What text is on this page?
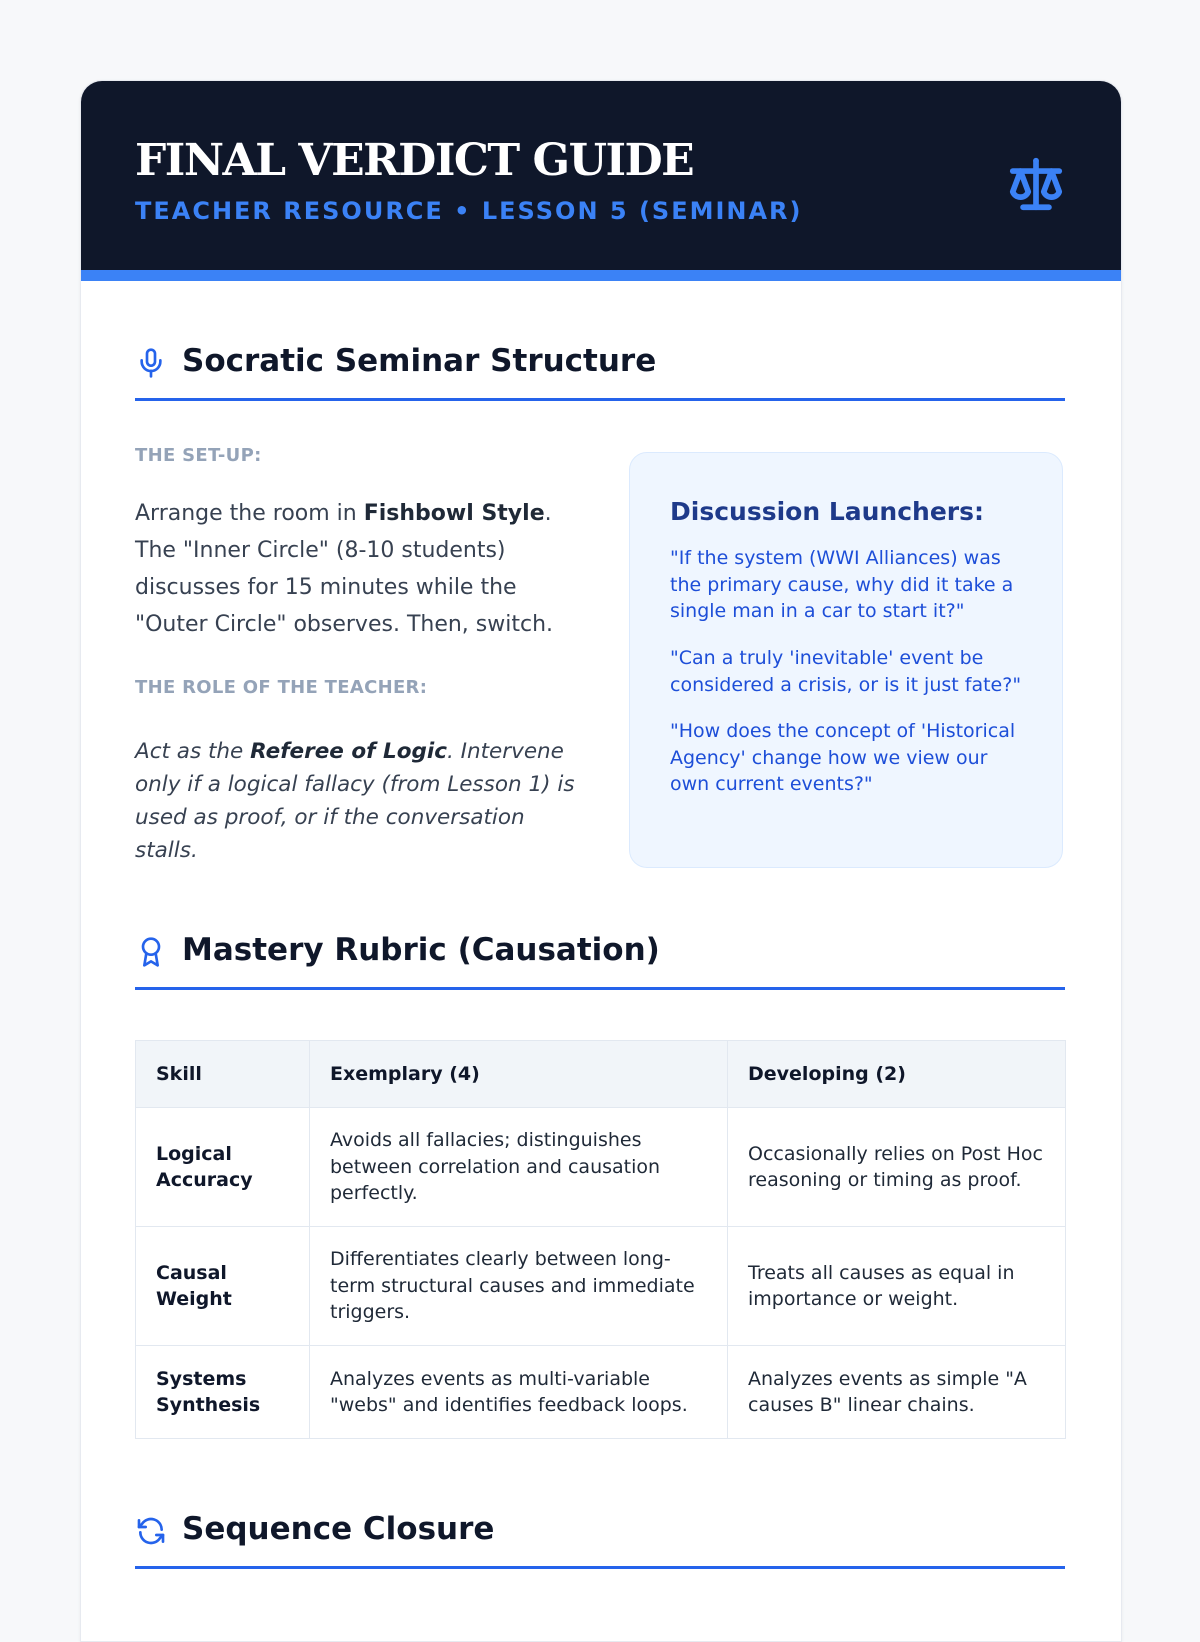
FINAL VERDICT GUIDE
TEACHER RESOURCE • LESSON 5 (SEMINAR)
Socratic Seminar Structure
THE SET-UP:
Arrange the room in Fishbowl Style. The "Inner Circle" (8-10 students) discusses for 15 minutes while the "Outer Circle" observes. Then, switch.
THE ROLE OF THE TEACHER:
Act as the Referee of Logic. Intervene only if a logical fallacy (from Lesson 1) is used as proof, or if the conversation stalls.
Discussion Launchers:
"If the system (WWI Alliances) was the primary cause, why did it take a single man in a car to start it?"
"Can a truly 'inevitable' event be considered a crisis, or is it just fate?"
"How does the concept of 'Historical Agency' change how we view our own current events?"
Mastery Rubric (Causation)
Skill	Exemplary (4)	Developing (2)
Logical Accuracy	Avoids all fallacies; distinguishes between correlation and causation perfectly.	Occasionally relies on Post Hoc reasoning or timing as proof.
Causal Weight	Differentiates clearly between long-term structural causes and immediate triggers.	Treats all causes as equal in importance or weight.
Systems Synthesis	Analyzes events as multi-variable "webs" and identifies feedback loops.	Analyzes events as simple "A causes B" linear chains.
Sequence Closure
